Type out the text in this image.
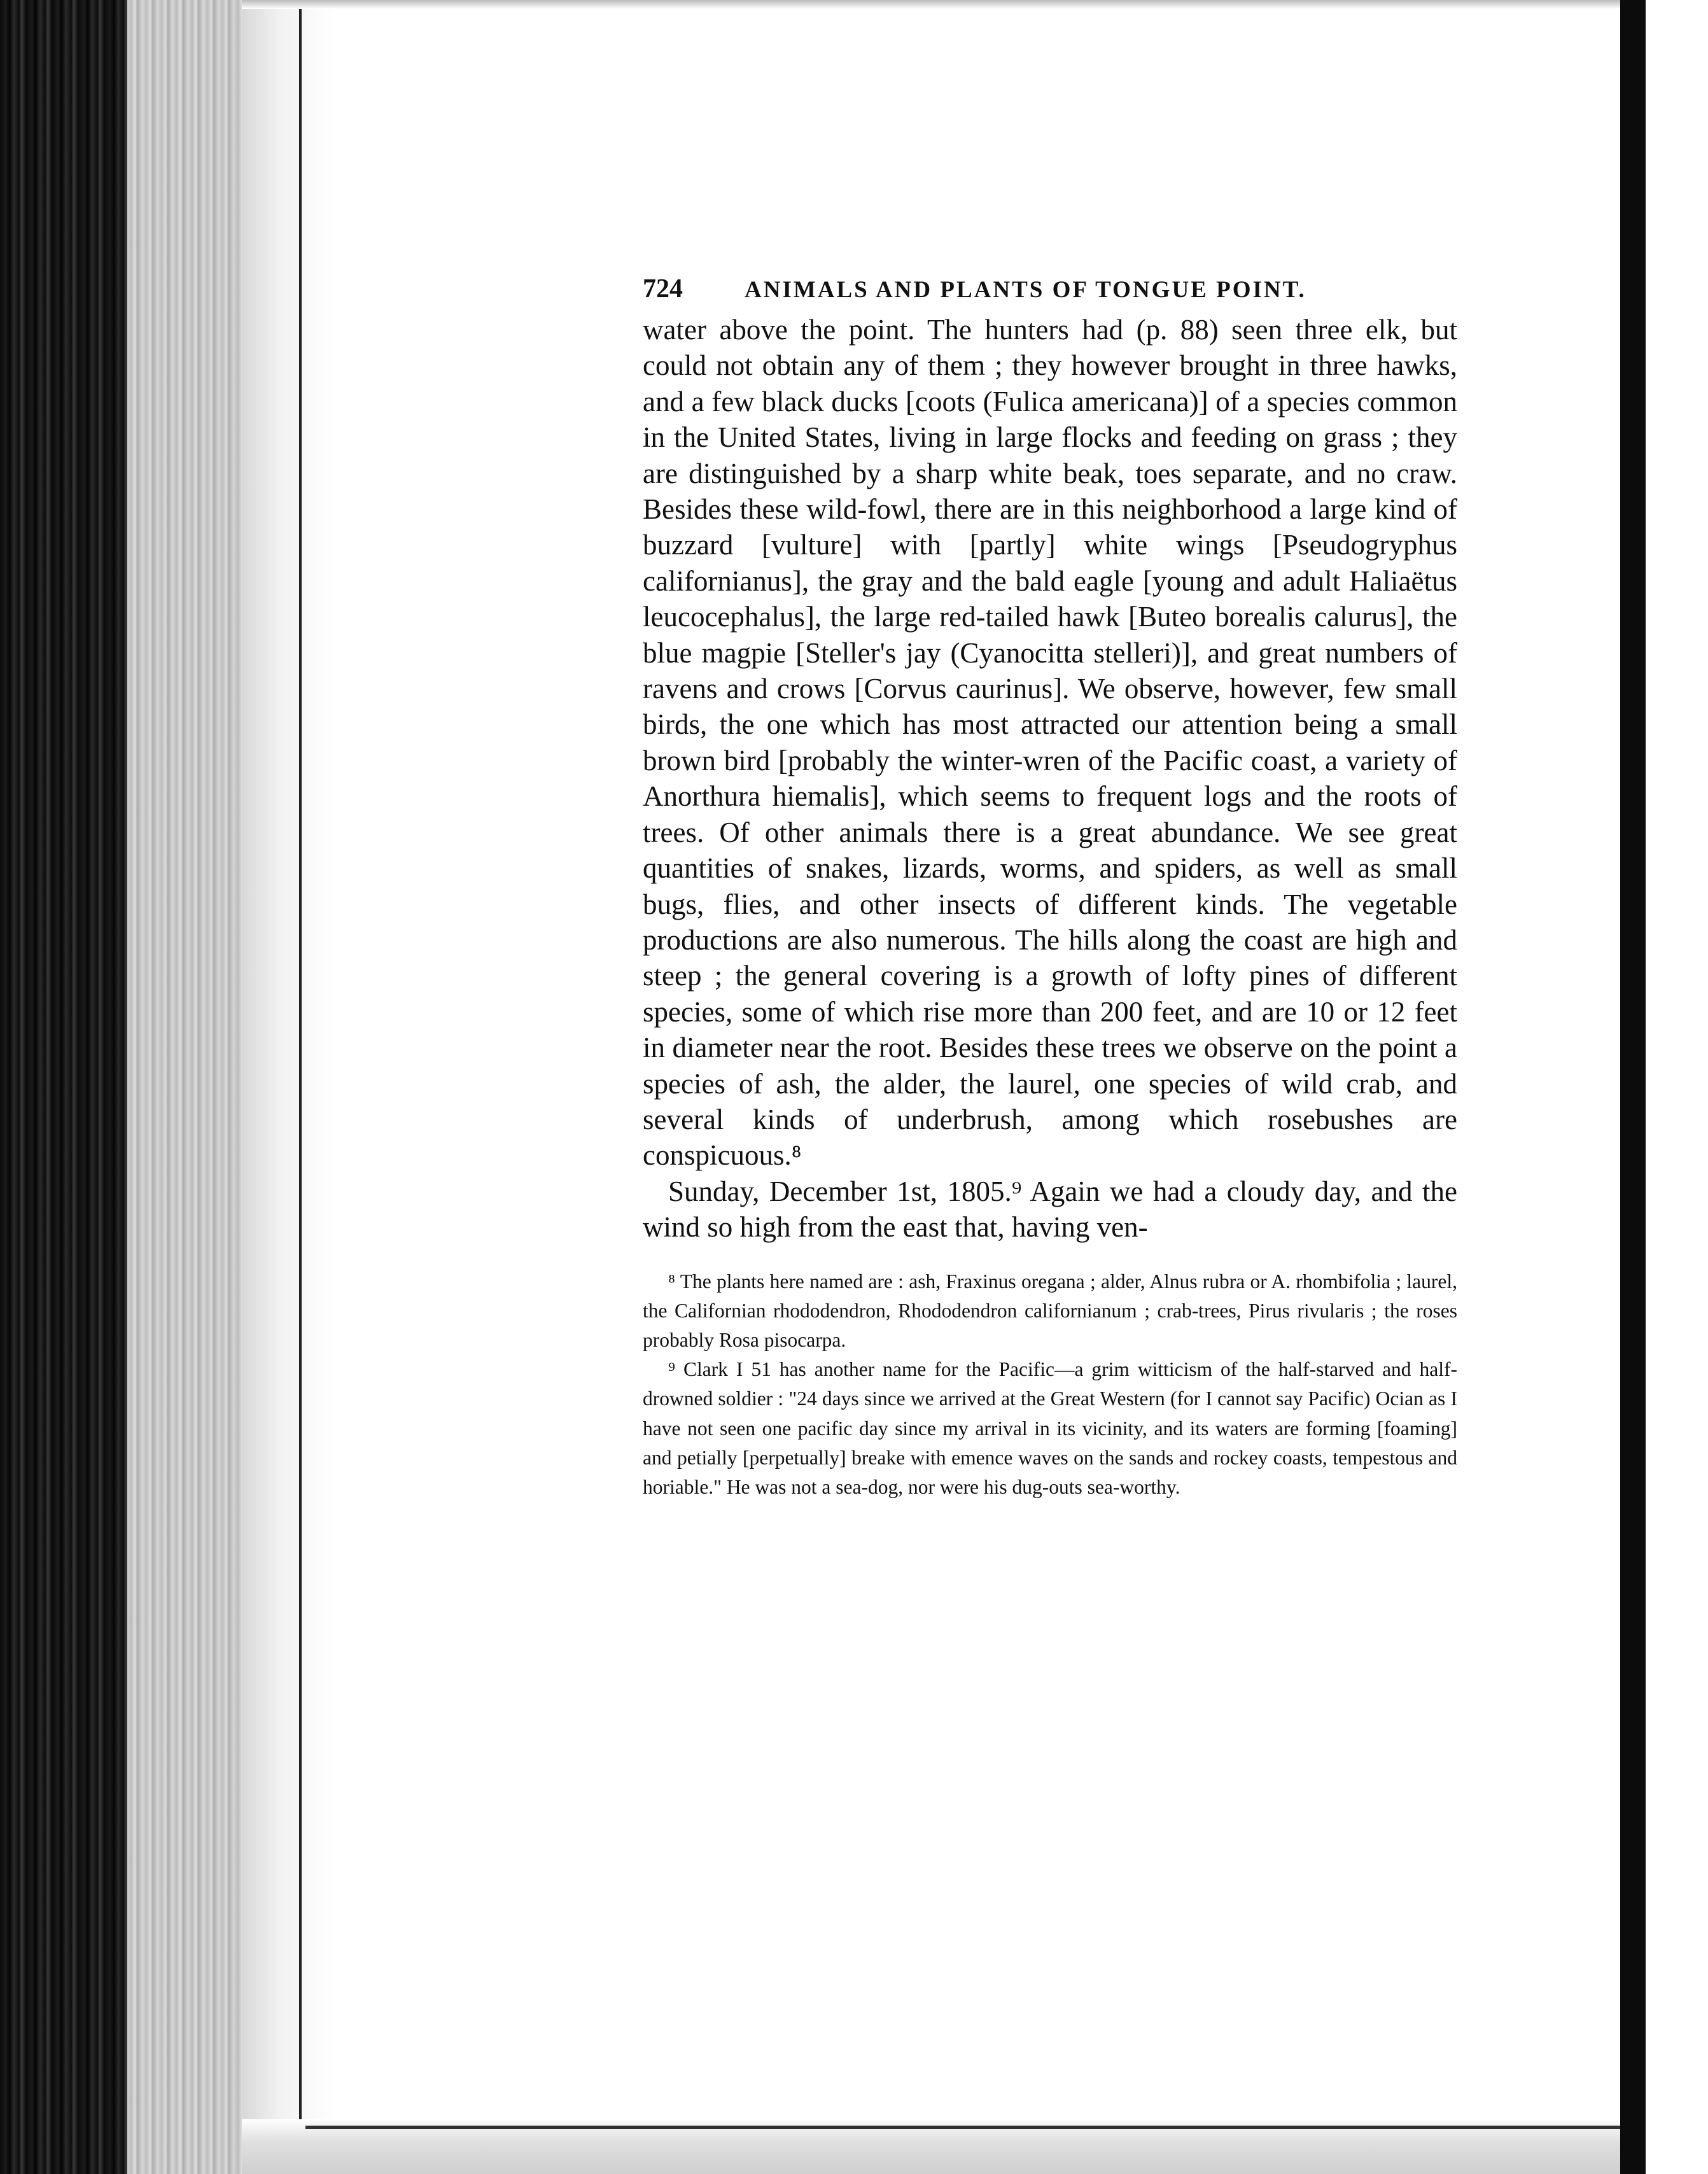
724	ANIMALS AND PLANTS OF TONGUE POINT.

water above the point. The hunters had (p. 88) seen three elk, but could not obtain any of them ; they however brought in three hawks, and a few black ducks [coots (Fulica americana)] of a species common in the United States, living in large flocks and feeding on grass ; they are distinguished by a sharp white beak, toes separate, and no craw. Besides these wild-fowl, there are in this neighborhood a large kind of buzzard [vulture] with [partly] white wings [Pseudogryphus californianus], the gray and the bald eagle [young and adult Haliaëtus leucocephalus], the large red-tailed hawk [Buteo borealis calurus], the blue magpie [Steller's jay (Cyanocitta stelleri)], and great numbers of ravens and crows [Corvus caurinus]. We observe, however, few small birds, the one which has most attracted our attention being a small brown bird [probably the winter-wren of the Pacific coast, a variety of Anorthura hiemalis], which seems to frequent logs and the roots of trees. Of other animals there is a great abundance. We see great quantities of snakes, lizards, worms, and spiders, as well as small bugs, flies, and other insects of different kinds. The vegetable productions are also numerous. The hills along the coast are high and steep ; the general covering is a growth of lofty pines of different species, some of which rise more than 200 feet, and are 10 or 12 feet in diameter near the root. Besides these trees we observe on the point a species of ash, the alder, the laurel, one species of wild crab, and several kinds of underbrush, among which rosebushes are conspicuous.⁸

Sunday, December 1st, 1805.⁹ Again we had a cloudy day, and the wind so high from the east that, having ven-

⁸ The plants here named are : ash, Fraxinus oregana ; alder, Alnus rubra or A. rhombifolia ; laurel, the Californian rhododendron, Rhododendron californianum ; crab-trees, Pirus rivularis ; the roses probably Rosa pisocarpa.

⁹ Clark I 51 has another name for the Pacific—a grim witticism of the half-starved and half-drowned soldier : "24 days since we arrived at the Great Western (for I cannot say Pacific) Ocian as I have not seen one pacific day since my arrival in its vicinity, and its waters are forming [foaming] and petially [perpetually] breake with emence waves on the sands and rockey coasts, tempestous and horiable." He was not a sea-dog, nor were his dug-outs sea-worthy.
